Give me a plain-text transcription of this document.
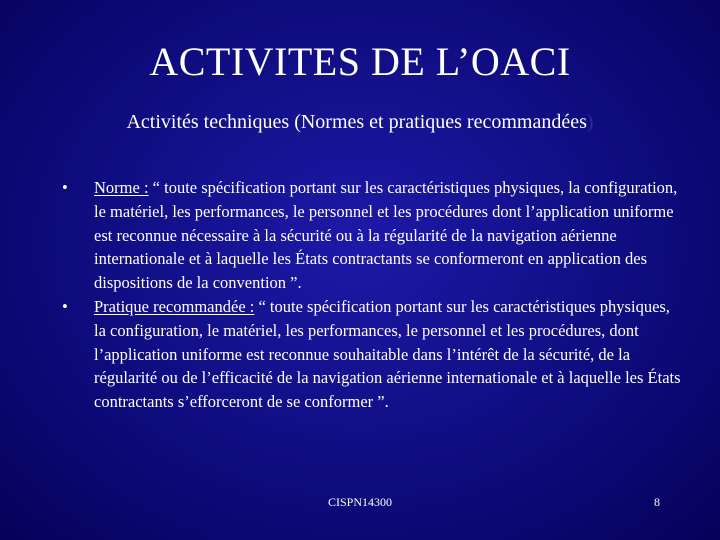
ACTIVITES DE L’OACI
Activités techniques (Normes et pratiques recommandées)
• Norme : “ toute spécification portant sur les caractéristiques physiques, la configuration, le matériel, les performances, le personnel et les procédures dont l’application uniforme est reconnue nécessaire à la sécurité ou à la régularité de la navigation aérienne internationale et à laquelle les États contractants se conformeront en application des dispositions de la convention ”.
• Pratique recommandée : “ toute spécification portant sur les caractéristiques physiques, la configuration, le matériel, les performances, le personnel et les procédures, dont l’application uniforme est reconnue souhaitable dans l’intérêt de la sécurité, de la régularité ou de l’efficacité de la navigation aérienne internationale et à laquelle les États contractants s’efforceront de se conformer ”.
CISPN14300	8
